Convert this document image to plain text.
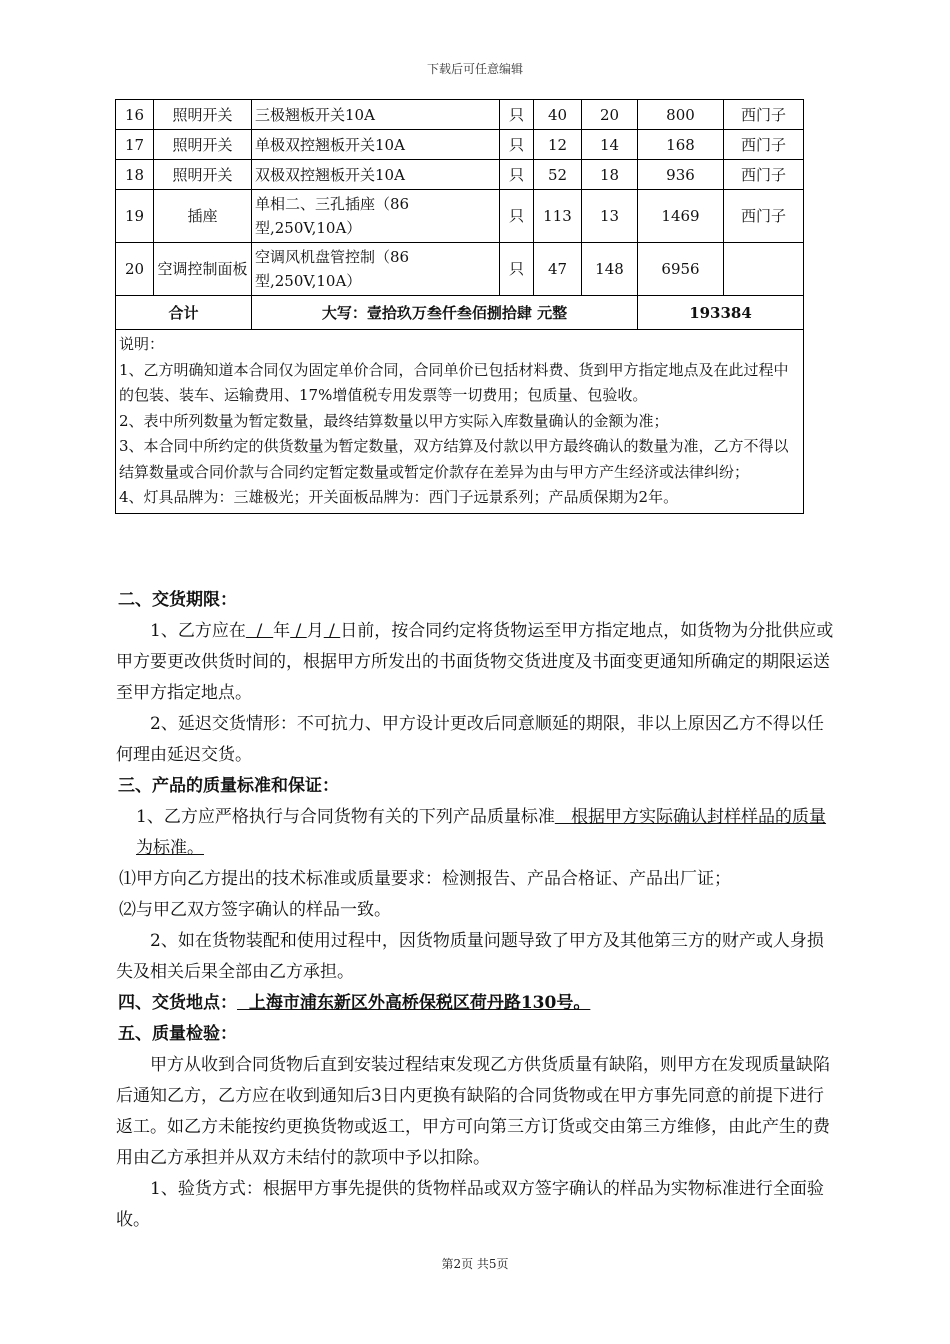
下载后可任意编辑
16	照明开关	三极翘板开关10A	只	40	20	800	西门子
17	照明开关	单极双控翘板开关10A	只	12	14	168	西门子
18	照明开关	双极双控翘板开关10A	只	52	18	936	西门子
19	插座	单相二、三孔插座（86型,250V,10A）	只	113	13	1469	西门子
20	空调控制面板	空调风机盘管控制（86型,250V,10A）	只	47	148	6956	
合计		大写：壹拾玖万叁仟叁佰捌拾肆 元整				193384	

说明：

1、乙方明确知道本合同仅为固定单价合同，合同单价已包括材料费、货到甲方指定地点及在此过程中的包装、装车、运输费用、17%增值税专用发票等一切费用；包质量、包验收。

2、表中所列数量为暂定数量，最终结算数量以甲方实际入库数量确认的金额为准；

3、本合同中所约定的供货数量为暂定数量，双方结算及付款以甲方最终确认的数量为准，乙方不得以结算数量或合同价款与合同约定暂定数量或暂定价款存在差异为由与甲方产生经济或法律纠纷；

4、灯具品牌为：三雄极光；开关面板品牌为：西门子远景系列；产品质保期为2年。							

二、交货期限：

1、乙方应在  /  年 / 月 / 日前，按合同约定将货物运至甲方指定地点，如货物为分批供应或甲方要更改供货时间的，根据甲方所发出的书面货物交货进度及书面变更通知所确定的期限运送至甲方指定地点。

2、延迟交货情形：不可抗力、甲方设计更改后同意顺延的期限，非以上原因乙方不得以任何理由延迟交货。

三、产品的质量标准和保证：

1、乙方应严格执行与合同货物有关的下列产品质量标准   根据甲方实际确认封样样品的质量为标准。

⑴甲方向乙方提出的技术标准或质量要求：检测报告、产品合格证、产品出厂证；

⑵与甲乙双方签字确认的样品一致。

2、如在货物装配和使用过程中，因货物质量问题导致了甲方及其他第三方的财产或人身损失及相关后果全部由乙方承担。

四、交货地点：  上海市浦东新区外高桥保税区荷丹路130号。

五、质量检验：

甲方从收到合同货物后直到安装过程结束发现乙方供货质量有缺陷，则甲方在发现质量缺陷后通知乙方，乙方应在收到通知后3日内更换有缺陷的合同货物或在甲方事先同意的前提下进行返工。如乙方未能按约更换货物或返工，甲方可向第三方订货或交由第三方维修，由此产生的费用由乙方承担并从双方未结付的款项中予以扣除。

1、验货方式：根据甲方事先提供的货物样品或双方签字确认的样品为实物标准进行全面验收。

第2页 共5页
